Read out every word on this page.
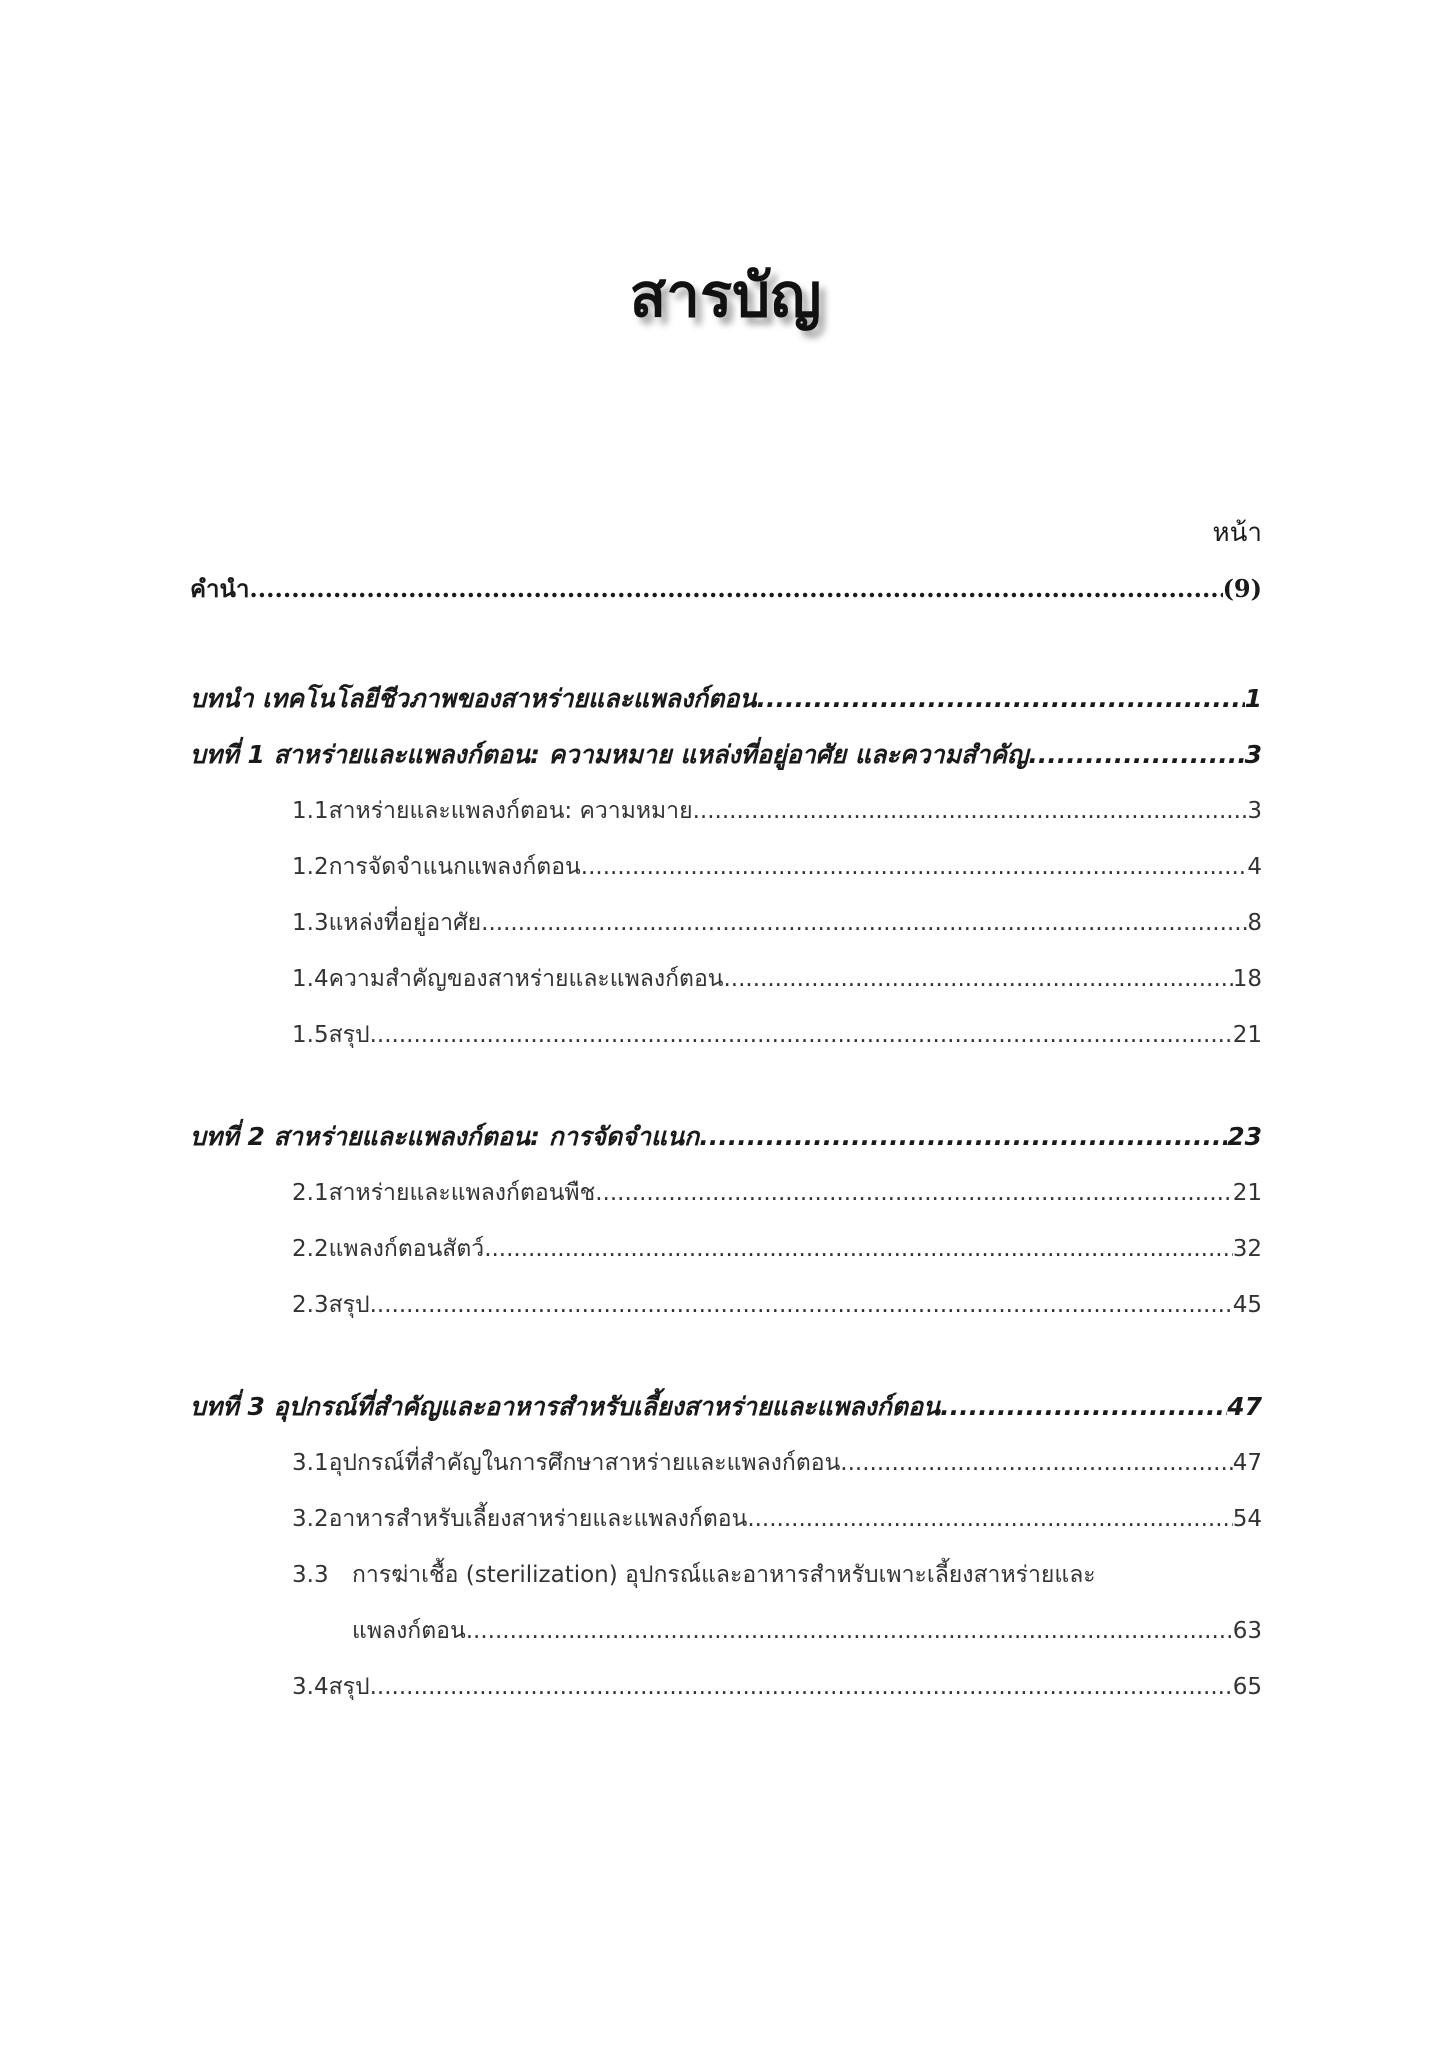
สารบัญ
หน้า
คำนำ .....	(9)
บทนำ เทคโนโลยีชีวภาพของสาหร่ายและแพลงก์ตอน.................. .....	1
บทที่ 1 สาหร่ายและแพลงก์ตอน: ความหมาย แหล่งที่อยู่อาศัย และความสำคัญ .....	3
1.1 สาหร่ายและแพลงก์ตอน: ความหมาย .....	3
1.2 การจัดจำแนกแพลงก์ตอน .....	4
1.3 แหล่งที่อยู่อาศัย .....	8
1.4 ความสำคัญของสาหร่ายและแพลงก์ตอน .....	18
1.5 สรุป .....	21
บทที่ 2 สาหร่ายและแพลงก์ตอน: การจัดจำแนก .....	23
2.1 สาหร่ายและแพลงก์ตอนพืช .....	21
2.2 แพลงก์ตอนสัตว์ .....	32
2.3 สรุป .....	45
บทที่ 3 อุปกรณ์ที่สำคัญและอาหารสำหรับเลี้ยงสาหร่ายและแพลงก์ตอน .....	47
3.1 อุปกรณ์ที่สำคัญในการศึกษาสาหร่ายและแพลงก์ตอน .....	47
3.2 อาหารสำหรับเลี้ยงสาหร่ายและแพลงก์ตอน .....	54
3.3	การฆ่าเชื้อ (sterilization) อุปกรณ์และอาหารสำหรับเพาะเลี้ยงสาหร่ายและ
แพลงก์ตอน .....	63
3.4 สรุป .....	65
